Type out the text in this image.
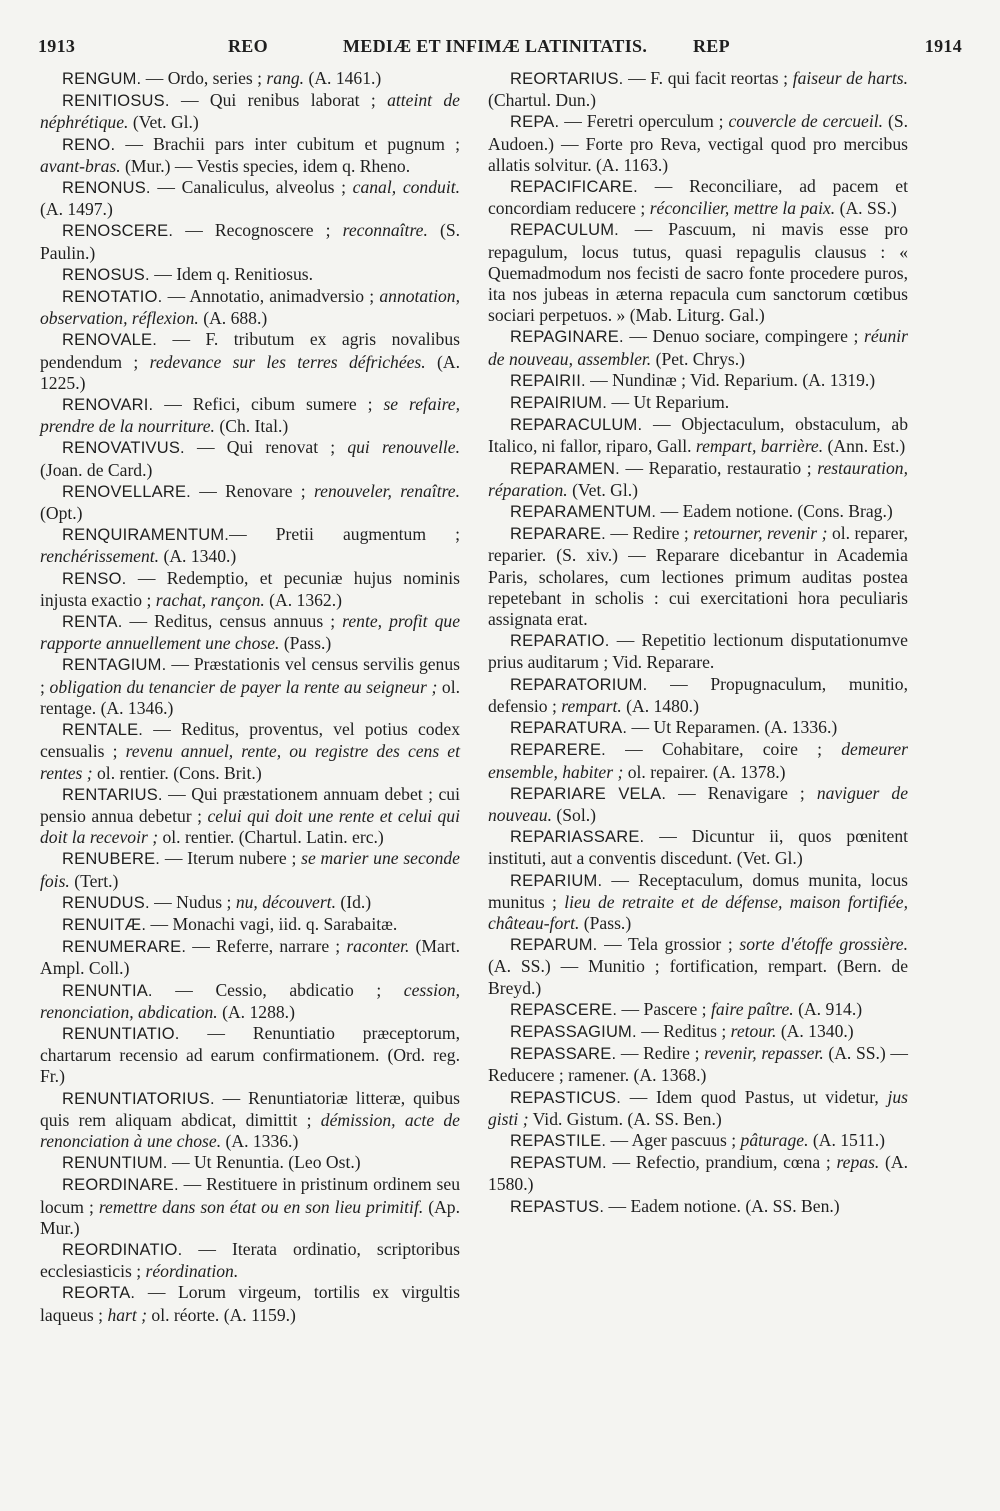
1913	REO	MEDIÆ ET INFIMÆ LATINITATIS.	REP	1914

RENGUM. — Ordo, series ; rang. (A. 1461.)

RENITIOSUS. — Qui renibus laborat ; atteint de néphrétique. (Vet. Gl.)

RENO. — Brachii pars inter cubitum et pugnum ; avant-bras. (Mur.) — Vestis species, idem q. Rheno.

RENONUS. — Canaliculus, alveolus ; canal, conduit. (A. 1497.)

RENOSCERE. — Recognoscere ; reconnaître. (S. Paulin.)

RENOSUS. — Idem q. Renitiosus.

RENOTATIO. — Annotatio, animadversio ; annotation, observation, réflexion. (A. 688.)

RENOVALE. — F. tributum ex agris novalibus pendendum ; redevance sur les terres défrichées. (A. 1225.)

RENOVARI. — Refici, cibum sumere ; se refaire, prendre de la nourriture. (Ch. Ital.)

RENOVATIVUS. — Qui renovat ; qui renouvelle. (Joan. de Card.)

RENOVELLARE. — Renovare ; renouveler, renaître. (Opt.)

RENQUIRAMENTUM.— Pretii augmentum ; renchérissement. (A. 1340.)

RENSO. — Redemptio, et pecuniæ hujus nominis injusta exactio ; rachat, rançon. (A. 1362.)

RENTA. — Reditus, census annuus ; rente, profit que rapporte annuellement une chose. (Pass.)

RENTAGIUM. — Præstationis vel census servilis genus ; obligation du tenancier de payer la rente au seigneur ; ol. rentage. (A. 1346.)

RENTALE. — Reditus, proventus, vel potius codex censualis ; revenu annuel, rente, ou registre des cens et rentes ; ol. rentier. (Cons. Brit.)

RENTARIUS. — Qui præstationem annuam debet ; cui pensio annua debetur ; celui qui doit une rente et celui qui doit la recevoir ; ol. rentier. (Chartul. Latin. erc.)

RENUBERE. — Iterum nubere ; se marier une seconde fois. (Tert.)

RENUDUS. — Nudus ; nu, découvert. (Id.)

RENUITÆ. — Monachi vagi, iid. q. Sarabaitæ.

RENUMERARE. — Referre, narrare ; raconter. (Mart. Ampl. Coll.)

RENUNTIA. — Cessio, abdicatio ; cession, renonciation, abdication. (A. 1288.)

RENUNTIATIO. — Renuntiatio præceptorum, chartarum recensio ad earum confirmationem. (Ord. reg. Fr.)

RENUNTIATORIUS. — Renuntiatoriæ litteræ, quibus quis rem aliquam abdicat, dimittit ; démission, acte de renonciation à une chose. (A. 1336.)

RENUNTIUM. — Ut Renuntia. (Leo Ost.)

REORDINARE. — Restituere in pristinum ordinem seu locum ; remettre dans son état ou en son lieu primitif. (Ap. Mur.)

REORDINATIO. — Iterata ordinatio, scriptoribus ecclesiasticis ; réordination.

REORTA. — Lorum virgeum, tortilis ex virgultis laqueus ; hart ; ol. réorte. (A. 1159.)

REORTARIUS. — F. qui facit reortas ; faiseur de harts. (Chartul. Dun.)

REPA. — Feretri operculum ; couvercle de cercueil. (S. Audoen.) — Forte pro Reva, vectigal quod pro mercibus allatis solvitur. (A. 1163.)

REPACIFICARE. — Reconciliare, ad pacem et concordiam reducere ; réconcilier, mettre la paix. (A. SS.)

REPACULUM. — Pascuum, ni mavis esse pro repagulum, locus tutus, quasi repagulis clausus : « Quemadmodum nos fecisti de sacro fonte procedere puros, ita nos jubeas in æterna repacula cum sanctorum cœtibus sociari perpetuos. » (Mab. Liturg. Gal.)

REPAGINARE. — Denuo sociare, compingere ; réunir de nouveau, assembler. (Pet. Chrys.)

REPAIRII. — Nundinæ ; Vid. Reparium. (A. 1319.)

REPAIRIUM. — Ut Reparium.

REPARACULUM. — Objectaculum, obstaculum, ab Italico, ni fallor, riparo, Gall. rempart, barrière. (Ann. Est.)

REPARAMEN. — Reparatio, restauratio ; restauration, réparation. (Vet. Gl.)

REPARAMENTUM. — Eadem notione. (Cons. Brag.)

REPARARE. — Redire ; retourner, revenir ; ol. reparer, reparier. (S. xiv.) — Reparare dicebantur in Academia Paris, scholares, cum lectiones primum auditas postea repetebant in scholis : cui exercitationi hora peculiaris assignata erat.

REPARATIO. — Repetitio lectionum disputationumve prius auditarum ; Vid. Reparare.

REPARATORIUM. — Propugnaculum, munitio, defensio ; rempart. (A. 1480.)

REPARATURA. — Ut Reparamen. (A. 1336.)

REPARERE. — Cohabitare, coire ; demeurer ensemble, habiter ; ol. repairer. (A. 1378.)

REPARIARE VELA. — Renavigare ; naviguer de nouveau. (Sol.)

REPARIASSARE. — Dicuntur ii, quos pœnitent instituti, aut a conventis discedunt. (Vet. Gl.)

REPARIUM. — Receptaculum, domus munita, locus munitus ; lieu de retraite et de défense, maison fortifiée, château-fort. (Pass.)

REPARUM. — Tela grossior ; sorte d'étoffe grossière. (A. SS.) — Munitio ; fortification, rempart. (Bern. de Breyd.)

REPASCERE. — Pascere ; faire paître. (A. 914.)

REPASSAGIUM. — Reditus ; retour. (A. 1340.)

REPASSARE. — Redire ; revenir, repasser. (A. SS.) — Reducere ; ramener. (A. 1368.)

REPASTICUS. — Idem quod Pastus, ut videtur, jus gisti ; Vid. Gistum. (A. SS. Ben.)

REPASTILE. — Ager pascuus ; pâturage. (A. 1511.)

REPASTUM. — Refectio, prandium, cœna ; repas. (A. 1580.)

REPASTUS. — Eadem notione. (A. SS. Ben.)
